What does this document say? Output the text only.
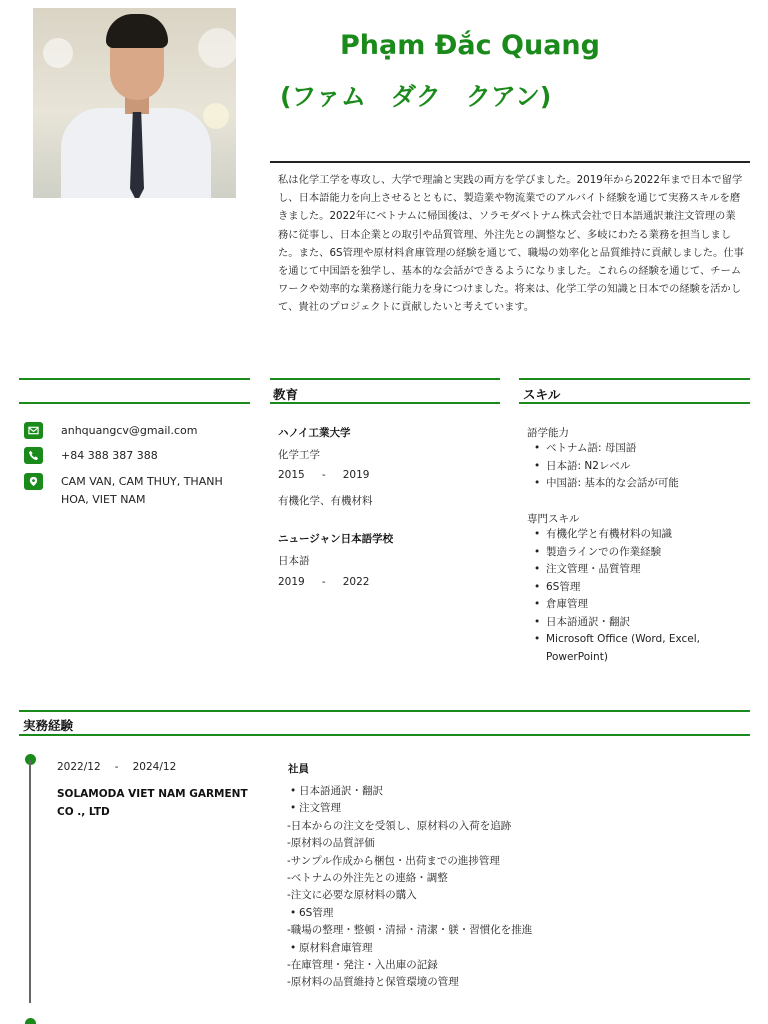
Phạm Đắc Quang
(ファム　ダク　クアン)
私は化学工学を専攻し、大学で理論と実践の両方を学びました。2019年から2022年まで日本で留学し、日本語能力を向上させるとともに、製造業や物流業でのアルバイト経験を通じて実務スキルを磨きました。2022年にベトナムに帰国後は、ソラモダベトナム株式会社で日本語通訳兼注文管理の業務に従事し、日本企業との取引や品質管理、外注先との調整など、多岐にわたる業務を担当しました。また、6S管理や原材料倉庫管理の経験を通じて、職場の効率化と品質維持に貢献しました。仕事を通じて中国語を独学し、基本的な会話ができるようになりました。これらの経験を通じて、チームワークや効率的な業務遂行能力を身につけました。将来は、化学工学の知識と日本での経験を活かして、貴社のプロジェクトに貢献したいと考えています。
教育	スキル
anhquangcv@gmail.com
+84 388 387 388
CAM VAN, CAM THUY, THANH HOA, VIET NAM
ハノイ工業大学
化学工学
2015 - 2019
有機化学、有機材料
ニュージャン日本語学校
日本語
2019 - 2022
語学能力
• ベトナム語: 母国語
• 日本語: N2レベル
• 中国語: 基本的な会話が可能
専門スキル
• 有機化学と有機材料の知識
• 製造ラインでの作業経験
• 注文管理・品質管理
• 6S管理
• 倉庫管理
• 日本語通訳・翻訳
• Microsoft Office (Word, Excel, PowerPoint)
実務経験
2022/12 - 2024/12
SOLAMODA VIET NAM GARMENT CO ., LTD
社員
• 日本語通訳・翻訳
• 注文管理
-日本からの注文を受領し、原材料の入荷を追跡
-原材料の品質評価
-サンプル作成から梱包・出荷までの進捗管理
-ベトナムの外注先との連絡・調整
-注文に必要な原材料の購入
• 6S管理
-職場の整理・整頓・清掃・清潔・躾・習慣化を推進
• 原材料倉庫管理
-在庫管理・発注・入出庫の記録
-原材料の品質維持と保管環境の管理
